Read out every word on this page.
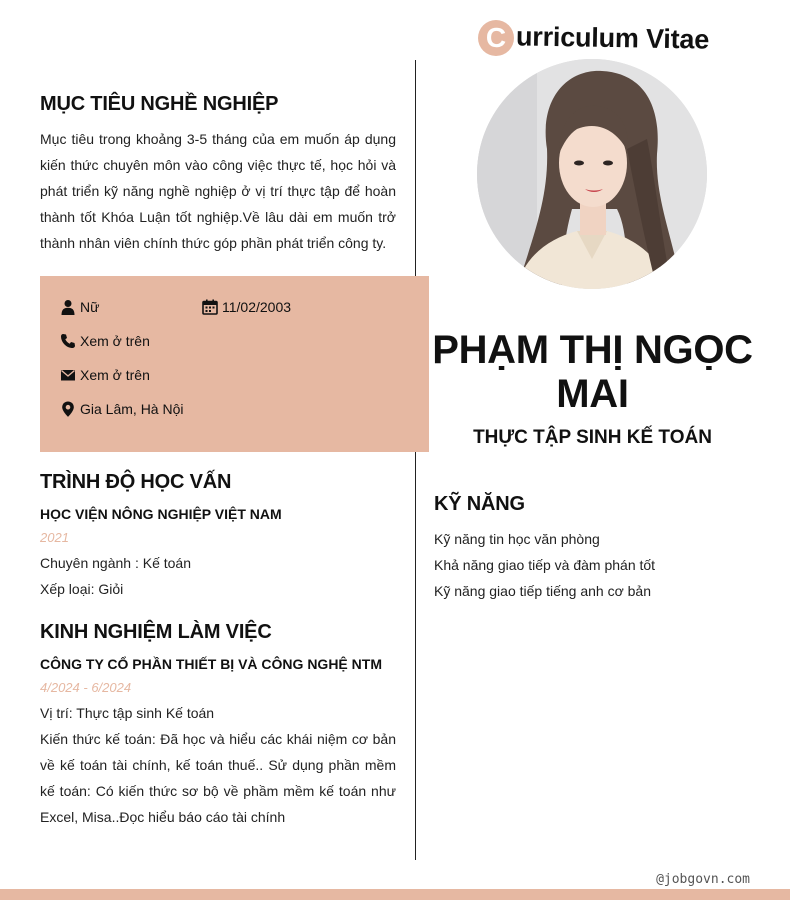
C urriculum Vitae
MỤC TIÊU NGHỀ NGHIỆP

Mục tiêu trong khoảng 3-5 tháng của em muốn áp dụng kiến thức chuyên môn vào công việc thực tế, học hỏi và phát triển kỹ năng nghề nghiệp ở vị trí thực tập để hoàn thành tốt Khóa Luận tốt nghiệp.Về lâu dài em muốn trở thành nhân viên chính thức góp phần phát triển công ty.

Nữ	11/02/2003
Xem ở trên
Xem ở trên
Gia Lâm, Hà Nội
TRÌNH ĐỘ HỌC VẤN
HỌC VIỆN NÔNG NGHIỆP VIỆT NAM
2021
Chuyên ngành : Kế toán
Xếp loại: Giỏi
KINH NGHIỆM LÀM VIỆC
CÔNG TY CỔ PHẦN THIẾT BỊ VÀ CÔNG NGHỆ NTM
4/2024 - 6/2024
Vị trí: Thực tập sinh Kế toán

Kiến thức kế toán: Đã học và hiểu các khái niệm cơ bản về kế toán tài chính, kế toán thuế.. Sử dụng phần mềm kế toán: Có kiến thức sơ bộ về phầm mềm kế toán như Excel, Misa..Đọc hiểu báo cáo tài chính

PHẠM THỊ NGỌC
MAI
THỰC TẬP SINH KẾ TOÁN
KỸ NĂNG
Kỹ năng tin học văn phòng
Khả năng giao tiếp và đàm phán tốt
Kỹ năng giao tiếp tiếng anh cơ bản
@jobgovn.com
